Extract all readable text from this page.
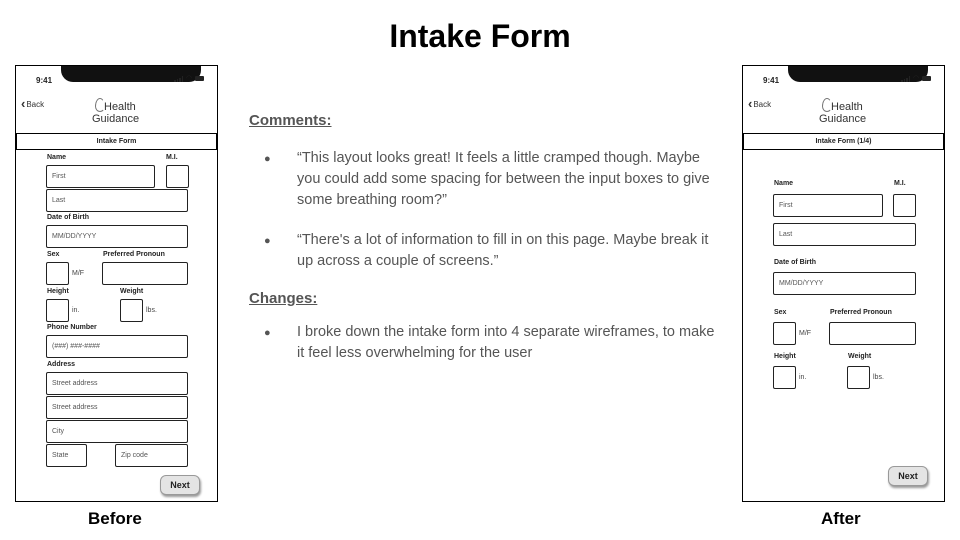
Intake Form
9:41	◠
‹ Back	Health
Guidance
Intake Form
Name	M.I.
First
Last
Date of Birth
MM/DD/YYYY
Sex	Preferred Pronoun
M/F
Height	Weight
in.	lbs.
Phone Number
(###) ###-####
Address
Street address
Street address
City
State	Zip code
Next
Before
Comments:
● “This layout looks great! It feels a little cramped though. Maybe you could add some spacing for between the input boxes to give some breathing room?”
● “There's a lot of information to fill in on this page. Maybe break it up across a couple of screens.”
Changes:
● I broke down the intake form into 4 separate wireframes, to make it feel less overwhelming for the user
9:41	◠
‹ Back	Health
Guidance
Intake Form (1/4)
Name	M.I.
First
Last
Date of Birth
MM/DD/YYYY
Sex	Preferred Pronoun
M/F
Height	Weight
in.	lbs.
Next
After
